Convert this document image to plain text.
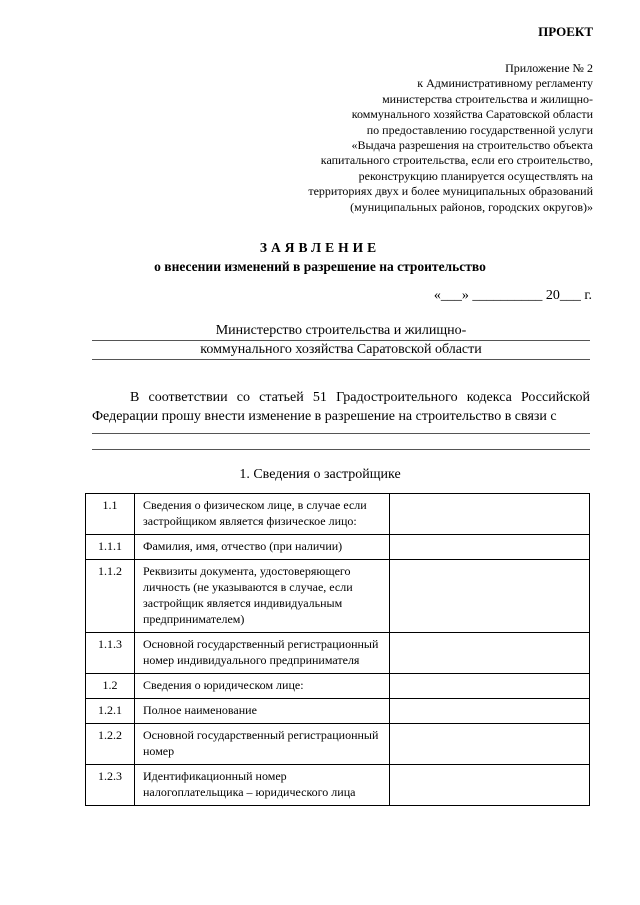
ПРОЕКТ
Приложение № 2
к Административному регламенту
министерства строительства и жилищно-
коммунального хозяйства Саратовской области
по предоставлению государственной услуги
«Выдача разрешения на строительство объекта
капитального строительства, если его строительство,
реконструкцию планируется осуществлять на
территориях двух и более муниципальных образований
(муниципальных районов, городских округов)»
ЗАЯВЛЕНИЕ
о внесении изменений в разрешение на строительство
«___» __________ 20___ г.
Министерство строительства и жилищно-
коммунального хозяйства Саратовской области
В соответствии со статьей 51 Градостроительного кодекса Российской
Федерации прошу внести изменение в разрешение на строительство в связи с
1. Сведения о застройщике
1.1	Сведения о физическом лице, в случае если застройщиком является физическое лицо:	
1.1.1	Фамилия, имя, отчество (при наличии)	
1.1.2	Реквизиты документа, удостоверяющего личность (не указываются в случае, если застройщик является индивидуальным предпринимателем)	
1.1.3	Основной государственный регистрационный номер индивидуального предпринимателя	
1.2	Сведения о юридическом лице:	
1.2.1	Полное наименование	
1.2.2	Основной государственный регистрационный номер	
1.2.3	Идентификационный номер налогоплательщика – юридического лица	
